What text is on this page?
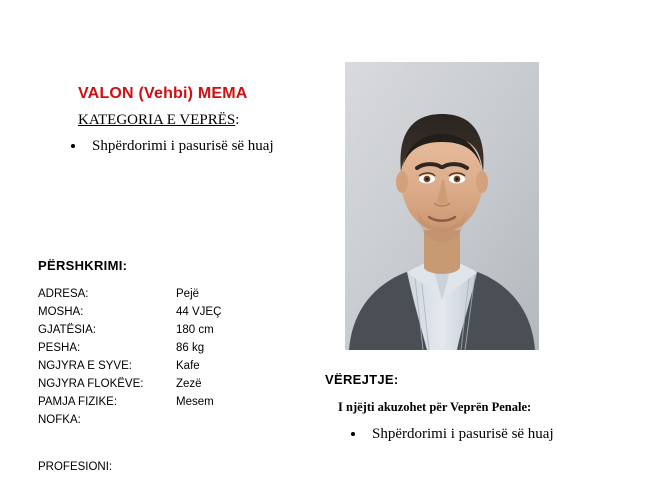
VALON (Vehbi) MEMA
KATEGORIA E VEPRËS:
• Shpërdorimi i pasurisë së huaj
PËRSHKRIMI:
ADRESA:	Pejë
MOSHA:	44 VJEÇ
GJATËSIA:	180 cm
PESHA:	86 kg
NGJYRA E SYVE:	Kafe
NGJYRA FLOKËVE:	Zezë
PAMJA FIZIKE:	Mesem
NOFKA:	
PROFESIONI:
VËREJTJE:
I njëjti akuzohet për Veprën Penale:
• Shpërdorimi i pasurisë së huaj
